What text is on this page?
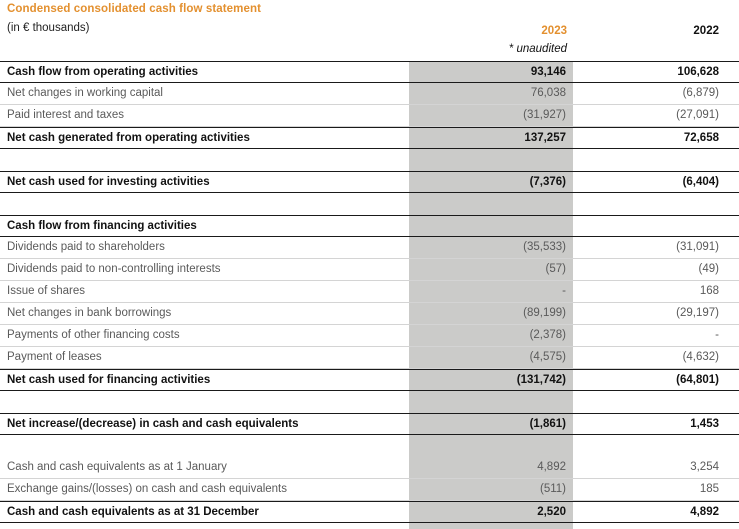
Condensed consolidated cash flow statement
(in € thousands)	2023	2022
* unaudited
Cash flow from operating activities	93,146	106,628
Net changes in working capital	76,038	(6,879)
Paid interest and taxes	(31,927)	(27,091)
Net cash generated from operating activities	137,257	72,658
Net cash used for investing activities	(7,376)	(6,404)
Cash flow from financing activities
Dividends paid to shareholders	(35,533)	(31,091)
Dividends paid to non-controlling interests	(57)	(49)
Issue of shares	-	168
Net changes in bank borrowings	(89,199)	(29,197)
Payments of other financing costs	(2,378)	-
Payment of leases	(4,575)	(4,632)
Net cash used for financing activities	(131,742)	(64,801)
Net increase/(decrease) in cash and cash equivalents	(1,861)	1,453
Cash and cash equivalents as at 1 January	4,892	3,254
Exchange gains/(losses) on cash and cash equivalents	(511)	185
Cash and cash equivalents as at 31 December	2,520	4,892
